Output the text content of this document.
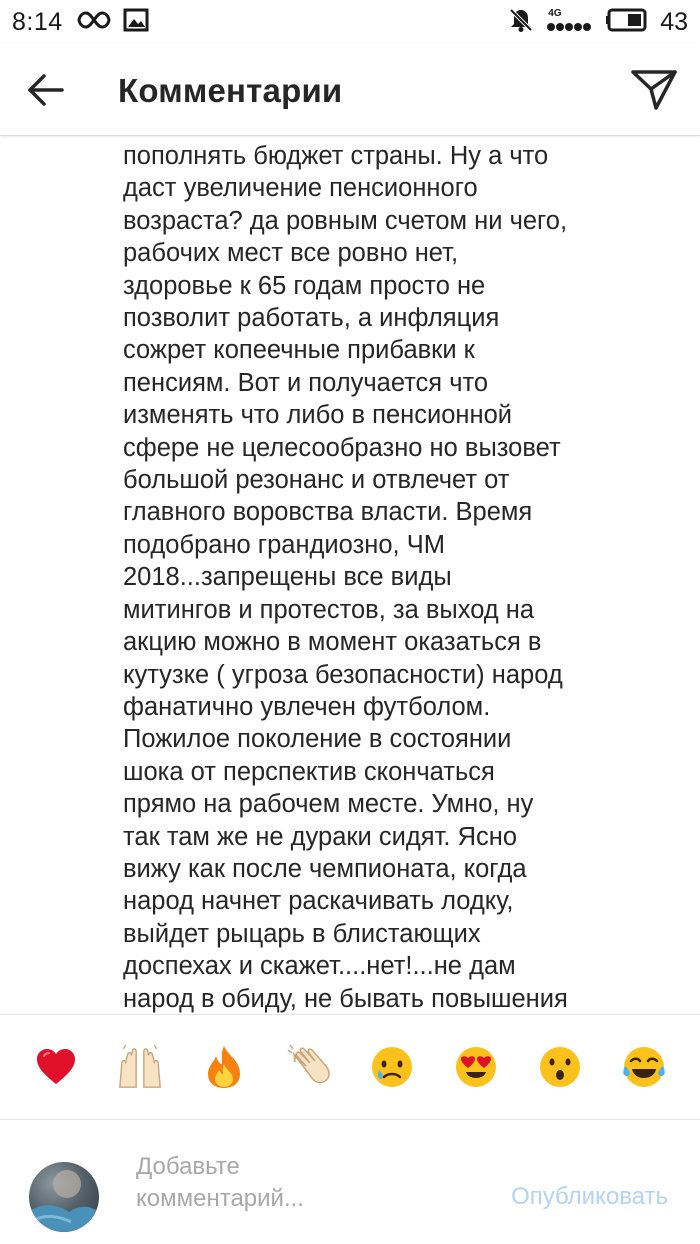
8:14	4G	43
Комментарии
пополнять бюджет страны. Ну а что
даст увеличение пенсионного
возраста? да ровным счетом ни чего,
рабочих мест все ровно нет,
здоровье к 65 годам просто не
позволит работать, а инфляция
сожрет копеечные прибавки к
пенсиям. Вот и получается что
изменять что либо в пенсионной
сфере не целесообразно но вызовет
большой резонанс и отвлечет от
главного воровства власти. Время
подобрано грандиозно, ЧМ
2018...запрещены все виды
митингов и протестов, за выход на
акцию можно в момент оказаться в
кутузке ( угроза безопасности) народ
фанатично увлечен футболом.
Пожилое поколение в состоянии
шока от перспектив скончаться
прямо на рабочем месте. Умно, ну
так там же не дураки сидят. Ясно
вижу как после чемпионата, когда
народ начнет раскачивать лодку,
выйдет рыцарь в блистающих
доспехах и скажет....нет!...не дам
народ в обиду, не бывать повышения
Добавьте
комментарий...	Опубликовать
